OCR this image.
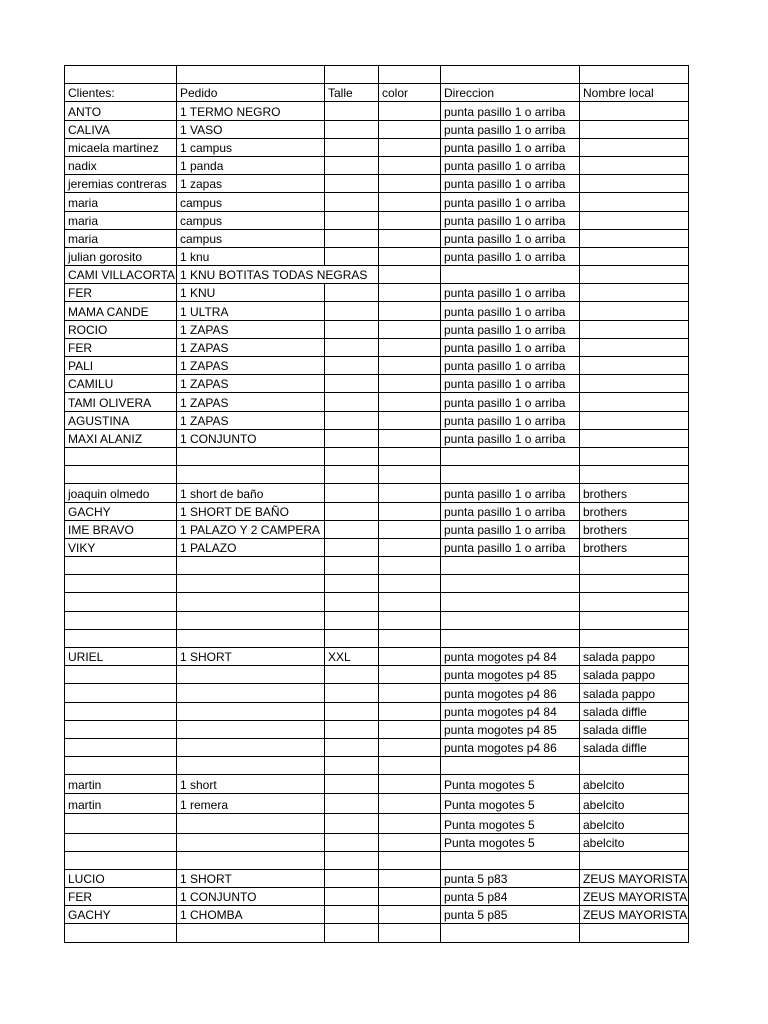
Clientes:	Pedido	Talle	color	Direccion	Nombre local
ANTO	1 TERMO NEGRO			punta pasillo 1 o arriba	
CALIVA	1 VASO			punta pasillo 1 o arriba	
micaela martinez	1 campus			punta pasillo 1 o arriba	
nadix	1 panda			punta pasillo 1 o arriba	
jeremias contreras	1 zapas			punta pasillo 1 o arriba	
maria	campus			punta pasillo 1 o arriba	
maria	campus			punta pasillo 1 o arriba	
maria	campus			punta pasillo 1 o arriba	
julian gorosito	1 knu			punta pasillo 1 o arriba	
CAMI VILLACORTA	1 KNU BOTITAS TODAS NEGRAS				
FER	1 KNU			punta pasillo 1 o arriba	
MAMA CANDE	1 ULTRA			punta pasillo 1 o arriba	
ROCIO	1 ZAPAS			punta pasillo 1 o arriba	
FER	1 ZAPAS			punta pasillo 1 o arriba	
PALI	1 ZAPAS			punta pasillo 1 o arriba	
CAMILU	1 ZAPAS			punta pasillo 1 o arriba	
TAMI OLIVERA	1 ZAPAS			punta pasillo 1 o arriba	
AGUSTINA	1 ZAPAS			punta pasillo 1 o arriba	
MAXI ALANIZ	1 CONJUNTO			punta pasillo 1 o arriba	

joaquin olmedo	1 short de baño			punta pasillo 1 o arriba	brothers
GACHY	1 SHORT DE BAÑO			punta pasillo 1 o arriba	brothers
IME BRAVO	1 PALAZO Y 2 CAMPERA			punta pasillo 1 o arriba	brothers
VIKY	1 PALAZO			punta pasillo 1 o arriba	brothers

URIEL	1 SHORT	XXL		punta mogotes p4 84	salada pappo
				punta mogotes p4 85	salada pappo
				punta mogotes p4 86	salada pappo
				punta mogotes p4 84	salada diffle
				punta mogotes p4 85	salada diffle
				punta mogotes p4 86	salada diffle

martin	1 short			Punta mogotes 5	abelcito
martin	1 remera			Punta mogotes 5	abelcito
				Punta mogotes 5	abelcito
				Punta mogotes 5	abelcito

LUCIO	1 SHORT			punta 5 p83	ZEUS MAYORISTA
FER	1 CONJUNTO			punta 5 p84	ZEUS MAYORISTA
GACHY	1 CHOMBA			punta 5 p85	ZEUS MAYORISTA
